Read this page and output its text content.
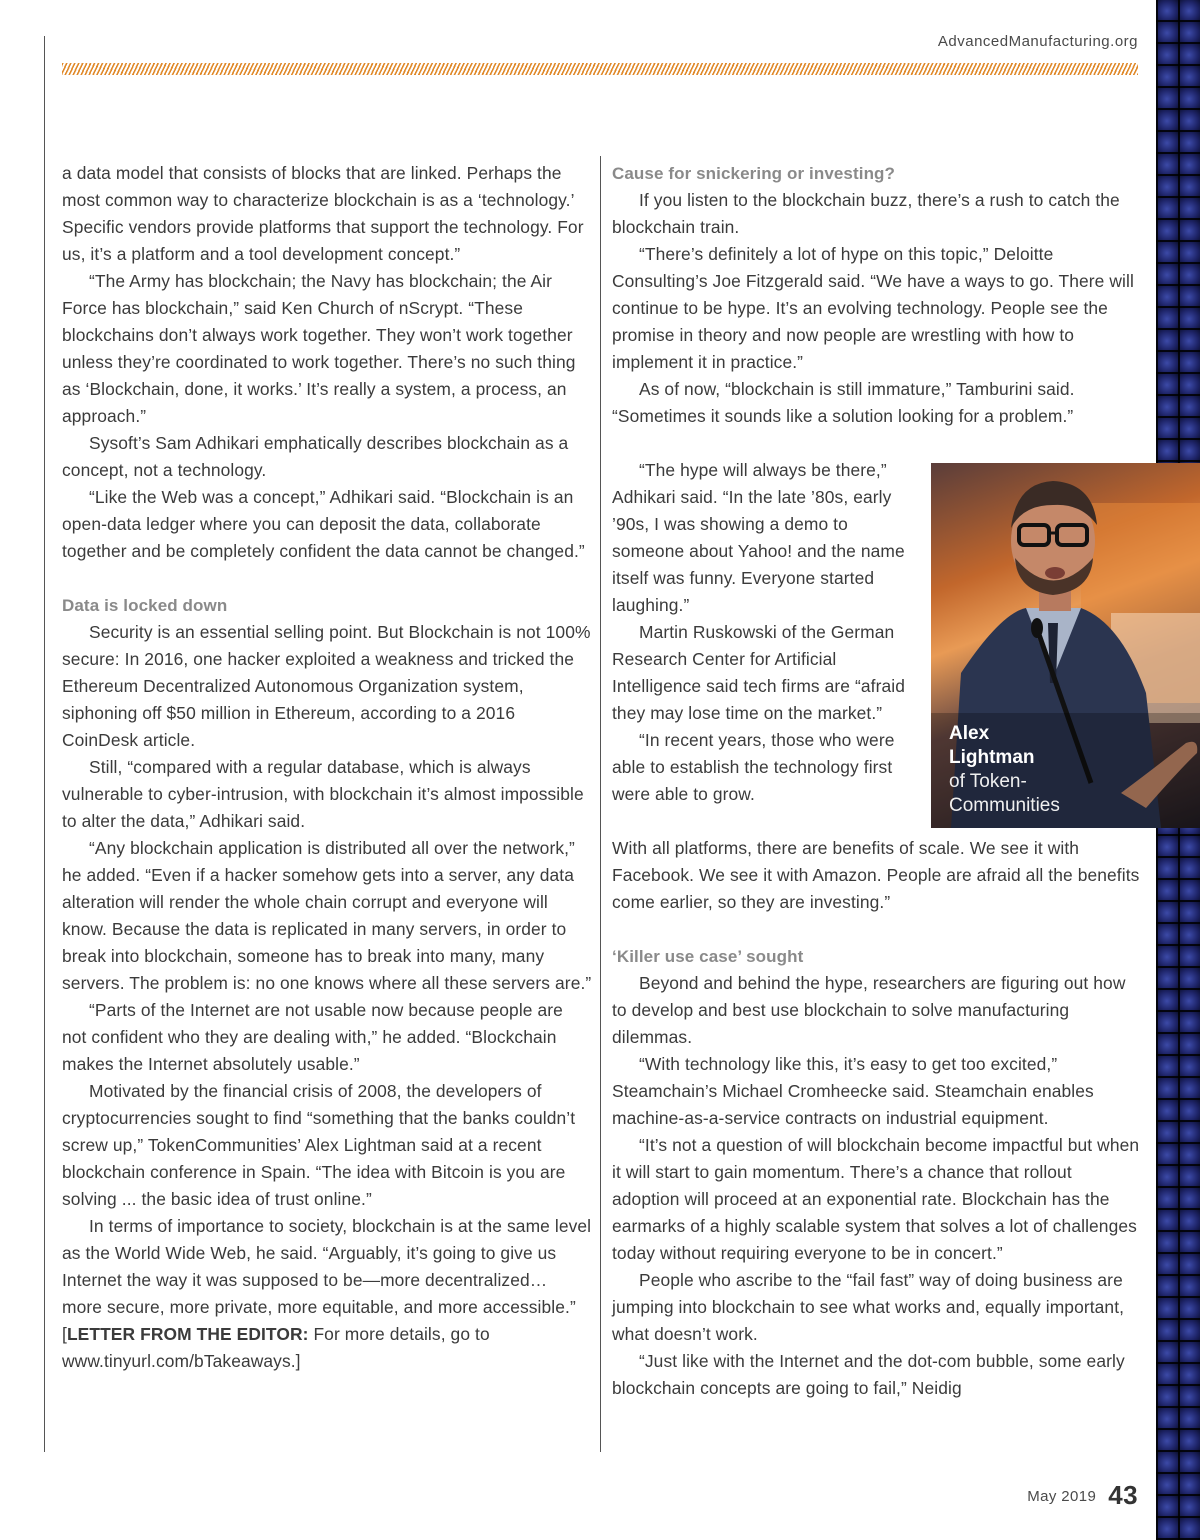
AdvancedManufacturing.org

a data model that consists of blocks that are linked. Perhaps the most common way to characterize blockchain is as a ‘technology.’ Specific vendors provide platforms that support the technology. For us, it’s a platform and a tool development concept.”

“The Army has blockchain; the Navy has blockchain; the Air Force has blockchain,” said Ken Church of nScrypt. “These blockchains don’t always work together. They won’t work together unless they’re coordinated to work together. There’s no such thing as ‘Blockchain, done, it works.’ It’s really a system, a process, an approach.”

Sysoft’s Sam Adhikari emphatically describes blockchain as a concept, not a technology.

“Like the Web was a concept,” Adhikari said. “Blockchain is an open-data ledger where you can deposit the data, collaborate together and be completely confident the data cannot be changed.”

Data is locked down

Security is an essential selling point. But Blockchain is not 100% secure: In 2016, one hacker exploited a weakness and tricked the Ethereum Decentralized Autonomous Organization system, siphoning off $50 million in Ethereum, according to a 2016 CoinDesk article.

Still, “compared with a regular database, which is always vulnerable to cyber-intrusion, with blockchain it’s almost impossible to alter the data,” Adhikari said.

“Any blockchain application is distributed all over the network,” he added. “Even if a hacker somehow gets into a server, any data alteration will render the whole chain corrupt and everyone will know. Because the data is replicated in many servers, in order to break into blockchain, someone has to break into many, many servers. The problem is: no one knows where all these servers are.”

“Parts of the Internet are not usable now because people are not confident who they are dealing with,” he added. “Blockchain makes the Internet absolutely usable.”

Motivated by the financial crisis of 2008, the developers of cryptocurrencies sought to find “something that the banks couldn’t screw up,” TokenCommunities’ Alex Lightman said at a recent blockchain conference in Spain. “The idea with Bitcoin is you are solving ... the basic idea of trust online.”

In terms of importance to society, blockchain is at the same level as the World Wide Web, he said. “Arguably, it’s going to give us Internet the way it was supposed to be—more decentralized… more secure, more private, more equitable, and more accessible.” [LETTER FROM THE EDITOR: For more details, go to www.tinyurl.com/bTakeaways.]

Cause for snickering or investing?

If you listen to the blockchain buzz, there’s a rush to catch the blockchain train.

“There’s definitely a lot of hype on this topic,” Deloitte Consulting’s Joe Fitzgerald said. “We have a ways to go. There will continue to be hype. It’s an evolving technology. People see the promise in theory and now people are wrestling with how to implement it in practice.”

As of now, “blockchain is still immature,” Tamburini said. “Sometimes it sounds like a solution looking for a problem.”

“The hype will always be there,” Adhikari said. “In the late ’80s, early ’90s, I was showing a demo to someone about Yahoo! and the name itself was funny. Everyone started laughing.”

Martin Ruskowski of the German Research Center for Artificial Intelligence said tech firms are “afraid they may lose time on the market.”

“In recent years, those who were able to establish the technology first were able to grow.

With all platforms, there are benefits of scale. We see it with Facebook. We see it with Amazon. People are afraid all the benefits come earlier, so they are investing.”

‘Killer use case’ sought

Beyond and behind the hype, researchers are figuring out how to develop and best use blockchain to solve manufacturing dilemmas.

“With technology like this, it’s easy to get too excited,” Steamchain’s Michael Cromheecke said. Steamchain enables machine-as-a-service contracts on industrial equipment.

“It’s not a question of will blockchain become impactful but when it will start to gain momentum. There’s a chance that rollout adoption will proceed at an exponential rate. Blockchain has the earmarks of a highly scalable system that solves a lot of challenges today without requiring everyone to be in concert.”

People who ascribe to the “fail fast” way of doing business are jumping into blockchain to see what works and, equally important, what doesn’t work.

“Just like with the Internet and the dot-com bubble, some early blockchain concepts are going to fail,” Neidig

Alex
Lightman
of Token-
Communities
May 2019 43
